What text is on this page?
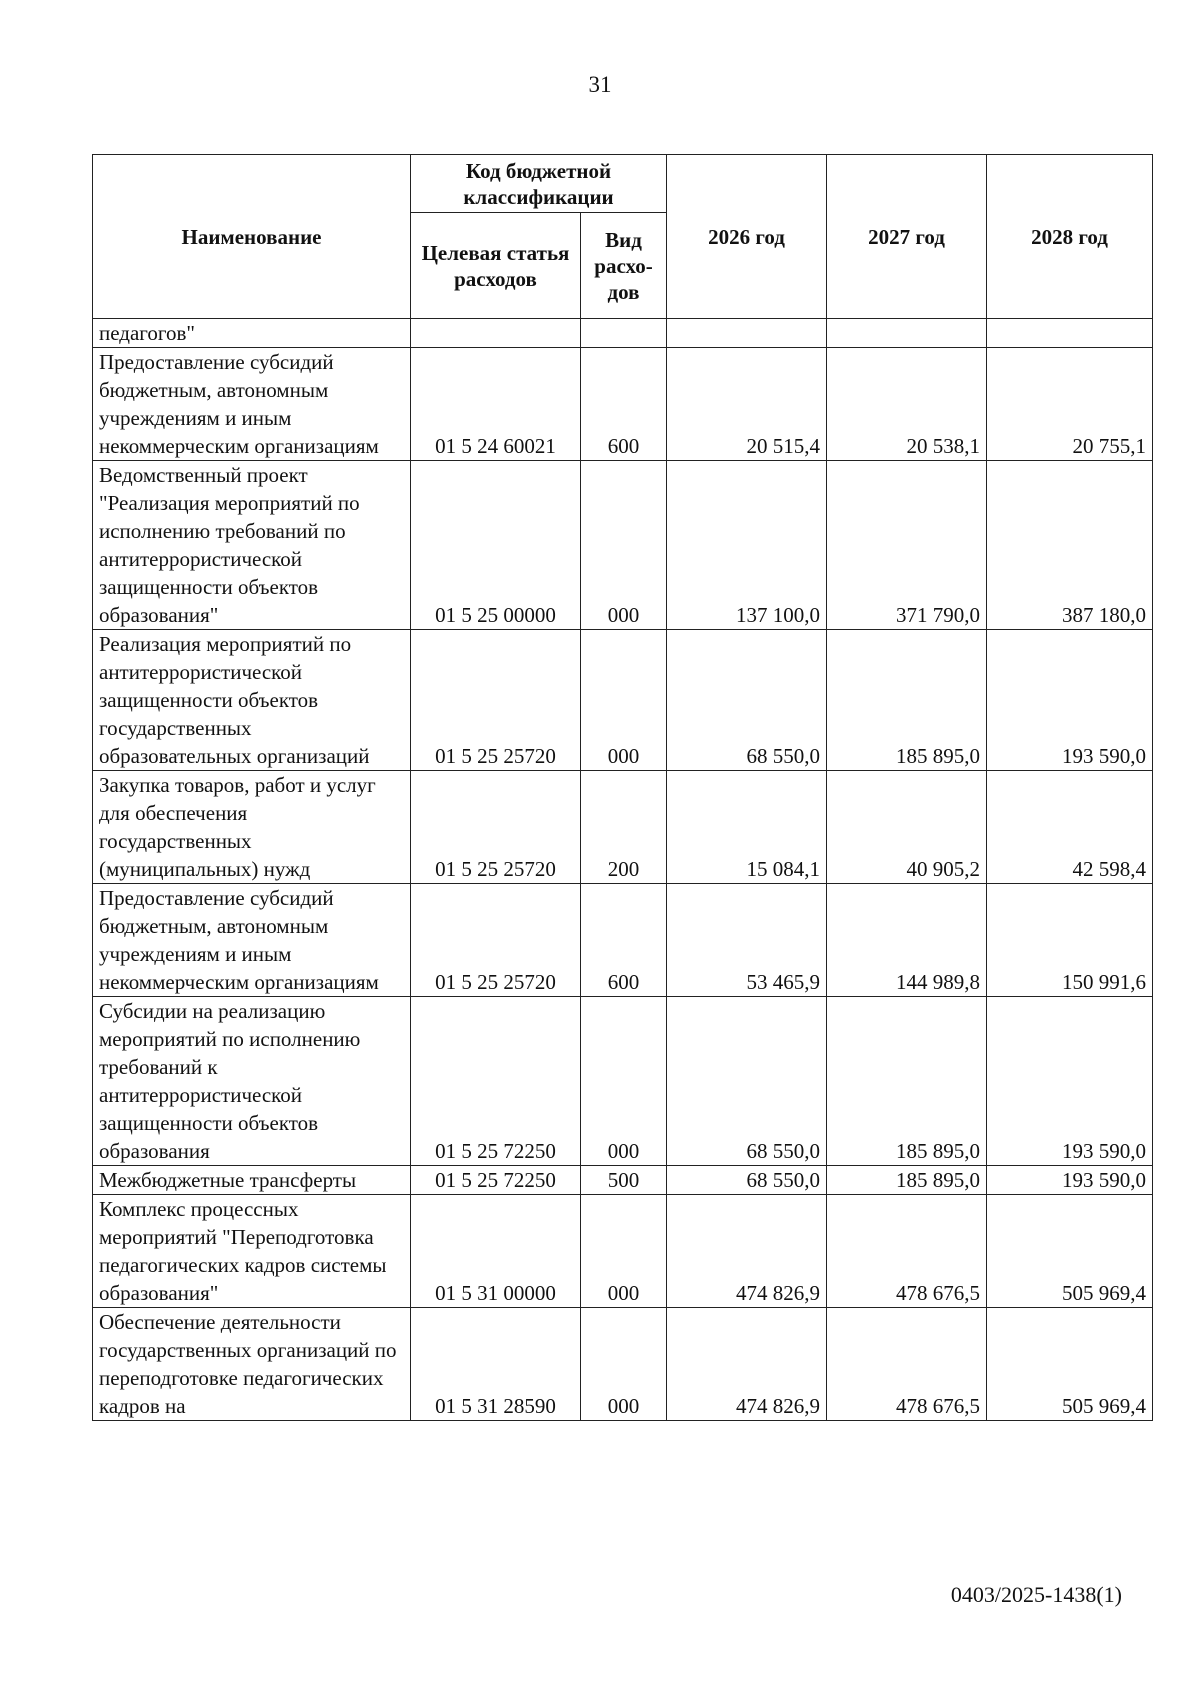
31
Наименование	Код бюджетной классификации		2026 год	2027 год	2028 год
	Целевая статья расходов	Вид расхо-дов			
педагогов"					
Предоставление субсидий бюджетным, автономным учреждениям и иным некоммерческим организациям	01 5 24 60021	600	20 515,4	20 538,1	20 755,1
Ведомственный проект "Реализация мероприятий по исполнению требований по антитеррористической защищенности объектов образования"	01 5 25 00000	000	137 100,0	371 790,0	387 180,0
Реализация мероприятий по антитеррористической защищенности объектов государственных образовательных организаций	01 5 25 25720	000	68 550,0	185 895,0	193 590,0
Закупка товаров, работ и услуг для обеспечения государственных (муниципальных) нужд	01 5 25 25720	200	15 084,1	40 905,2	42 598,4
Предоставление субсидий бюджетным, автономным учреждениям и иным некоммерческим организациям	01 5 25 25720	600	53 465,9	144 989,8	150 991,6
Субсидии на реализацию мероприятий по исполнению требований к антитеррористической защищенности объектов образования	01 5 25 72250	000	68 550,0	185 895,0	193 590,0
Межбюджетные трансферты	01 5 25 72250	500	68 550,0	185 895,0	193 590,0
Комплекс процессных мероприятий "Переподготовка педагогических кадров системы образования"	01 5 31 00000	000	474 826,9	478 676,5	505 969,4
Обеспечение деятельности государственных организаций по переподготовке педагогических кадров на	01 5 31 28590	000	474 826,9	478 676,5	505 969,4
0403/2025-1438(1)
